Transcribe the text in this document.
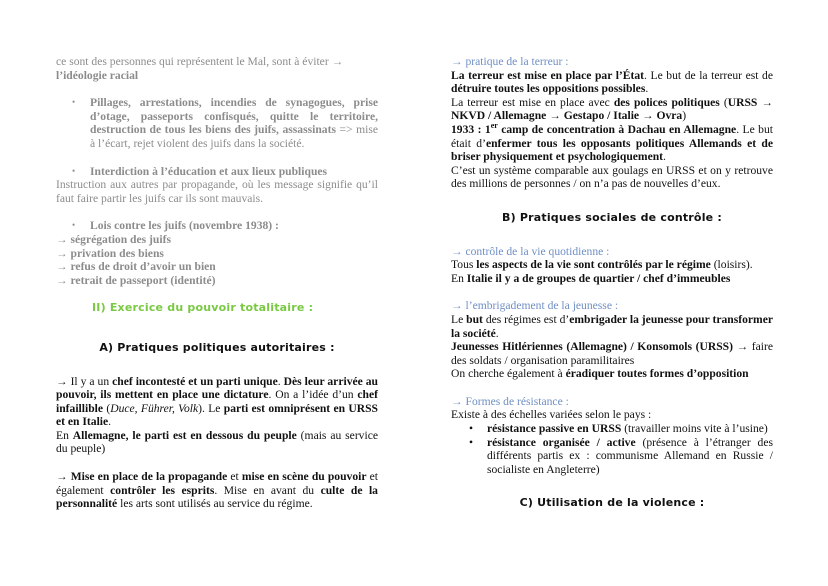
ce sont des personnes qui représentent le Mal, sont à éviter →
l’idéologie racial

• Pillages, arrestations, incendies de synagogues, prise d’otage, passeports confisqués, quitte le territoire, destruction de tous les biens des juifs, assassinats => mise à l’écart, rejet violent des juifs dans la société.

• Interdiction à l’éducation et aux lieux publiques

Instruction aux autres par propagande, où les message signifie qu’il faut faire partir les juifs car ils sont mauvais.

• Lois contre les juifs (novembre 1938) :

→ ségrégation des juifs
→ privation des biens
→ refus de droit d’avoir un bien
→ retrait de passeport (identité)

II) Exercice du pouvoir totalitaire :

A) Pratiques politiques autoritaires :

→ Il y a un chef incontesté et un parti unique. Dès leur arrivée au pouvoir, ils mettent en place une dictature. On a l’idée d’un chef infaillible (Duce, Führer, Volk). Le parti est omniprésent en URSS et en Italie.

En Allemagne, le parti est en dessous du peuple (mais au service du peuple)

→ Mise en place de la propagande et mise en scène du pouvoir et également contrôler les esprits. Mise en avant du culte de la personnalité les arts sont utilisés au service du régime.

→ pratique de la terreur :

La terreur est mise en place par l’État. Le but de la terreur est de détruire toutes les oppositions possibles.

La terreur est mise en place avec des polices politiques (URSS → NKVD / Allemagne → Gestapo / Italie → Ovra)

1933 : 1er camp de concentration à Dachau en Allemagne. Le but était d’enfermer tous les opposants politiques Allemands et de briser physiquement et psychologiquement.

C’est un système comparable aux goulags en URSS et on y retrouve des millions de personnes / on n’a pas de nouvelles d’eux.

B) Pratiques sociales de contrôle :

→ contrôle de la vie quotidienne :

Tous les aspects de la vie sont contrôlés par le régime (loisirs).

En Italie il y a de groupes de quartier / chef d’immeubles

→ l’embrigadement de la jeunesse :

Le but des régimes est d’embrigader la jeunesse pour transformer la société.

Jeunesses Hitlériennes (Allemagne) / Konsomols (URSS) → faire des soldats / organisation paramilitaires

On cherche également à éradiquer toutes formes d’opposition

→ Formes de résistance :

Existe à des échelles variées selon le pays :

• résistance passive en URSS (travailler moins vite à l’usine)
• résistance organisée / active (présence à l’étranger des différents partis ex : communisme Allemand en Russie / socialiste en Angleterre)

C) Utilisation de la violence :
